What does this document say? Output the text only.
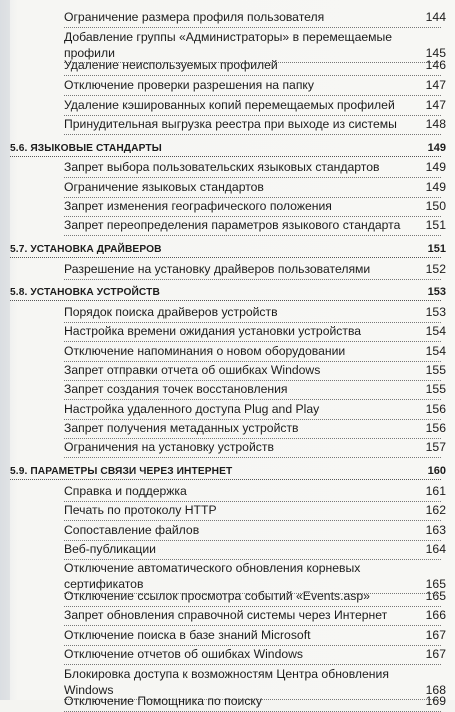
Ограничение размера профиля пользователя	144
Добавление группы «Администраторы» в перемещаемые профили	145
Удаление неиспользуемых профилей	146
Отключение проверки разрешения на папку	147
Удаление кэшированных копий перемещаемых профилей	147
Принудительная выгрузка реестра при выходе из системы	148
5.6. ЯЗЫКОВЫЕ СТАНДАРТЫ	149
Запрет выбора пользовательских языковых стандартов	149
Ограничение языковых стандартов	149
Запрет изменения географического положения	150
Запрет переопределения параметров языкового стандарта	151
5.7. УСТАНОВКА ДРАЙВЕРОВ	151
Разрешение на установку драйверов пользователями	152
5.8. УСТАНОВКА УСТРОЙСТВ	153
Порядок поиска драйверов устройств	153
Настройка времени ожидания установки устройства	154
Отключение напоминания о новом оборудовании	154
Запрет отправки отчета об ошибках Windows	155
Запрет создания точек восстановления	155
Настройка удаленного доступа Plug and Play	156
Запрет получения метаданных устройств	156
Ограничения на установку устройств	157
5.9. ПАРАМЕТРЫ СВЯЗИ ЧЕРЕЗ ИНТЕРНЕТ	160
Справка и поддержка	161
Печать по протоколу HTTP	162
Сопоставление файлов	163
Веб-публикации	164
Отключение автоматического обновления корневых сертификатов	165
Отключение ссылок просмотра событий «Events.asp»	165
Запрет обновления справочной системы через Интернет	166
Отключение поиска в базе знаний Microsoft	167
Отключение отчетов об ошибках Windows	167
Блокировка доступа к возможностям Центра обновления Windows	168
Отключение Помощника по поиску	169
